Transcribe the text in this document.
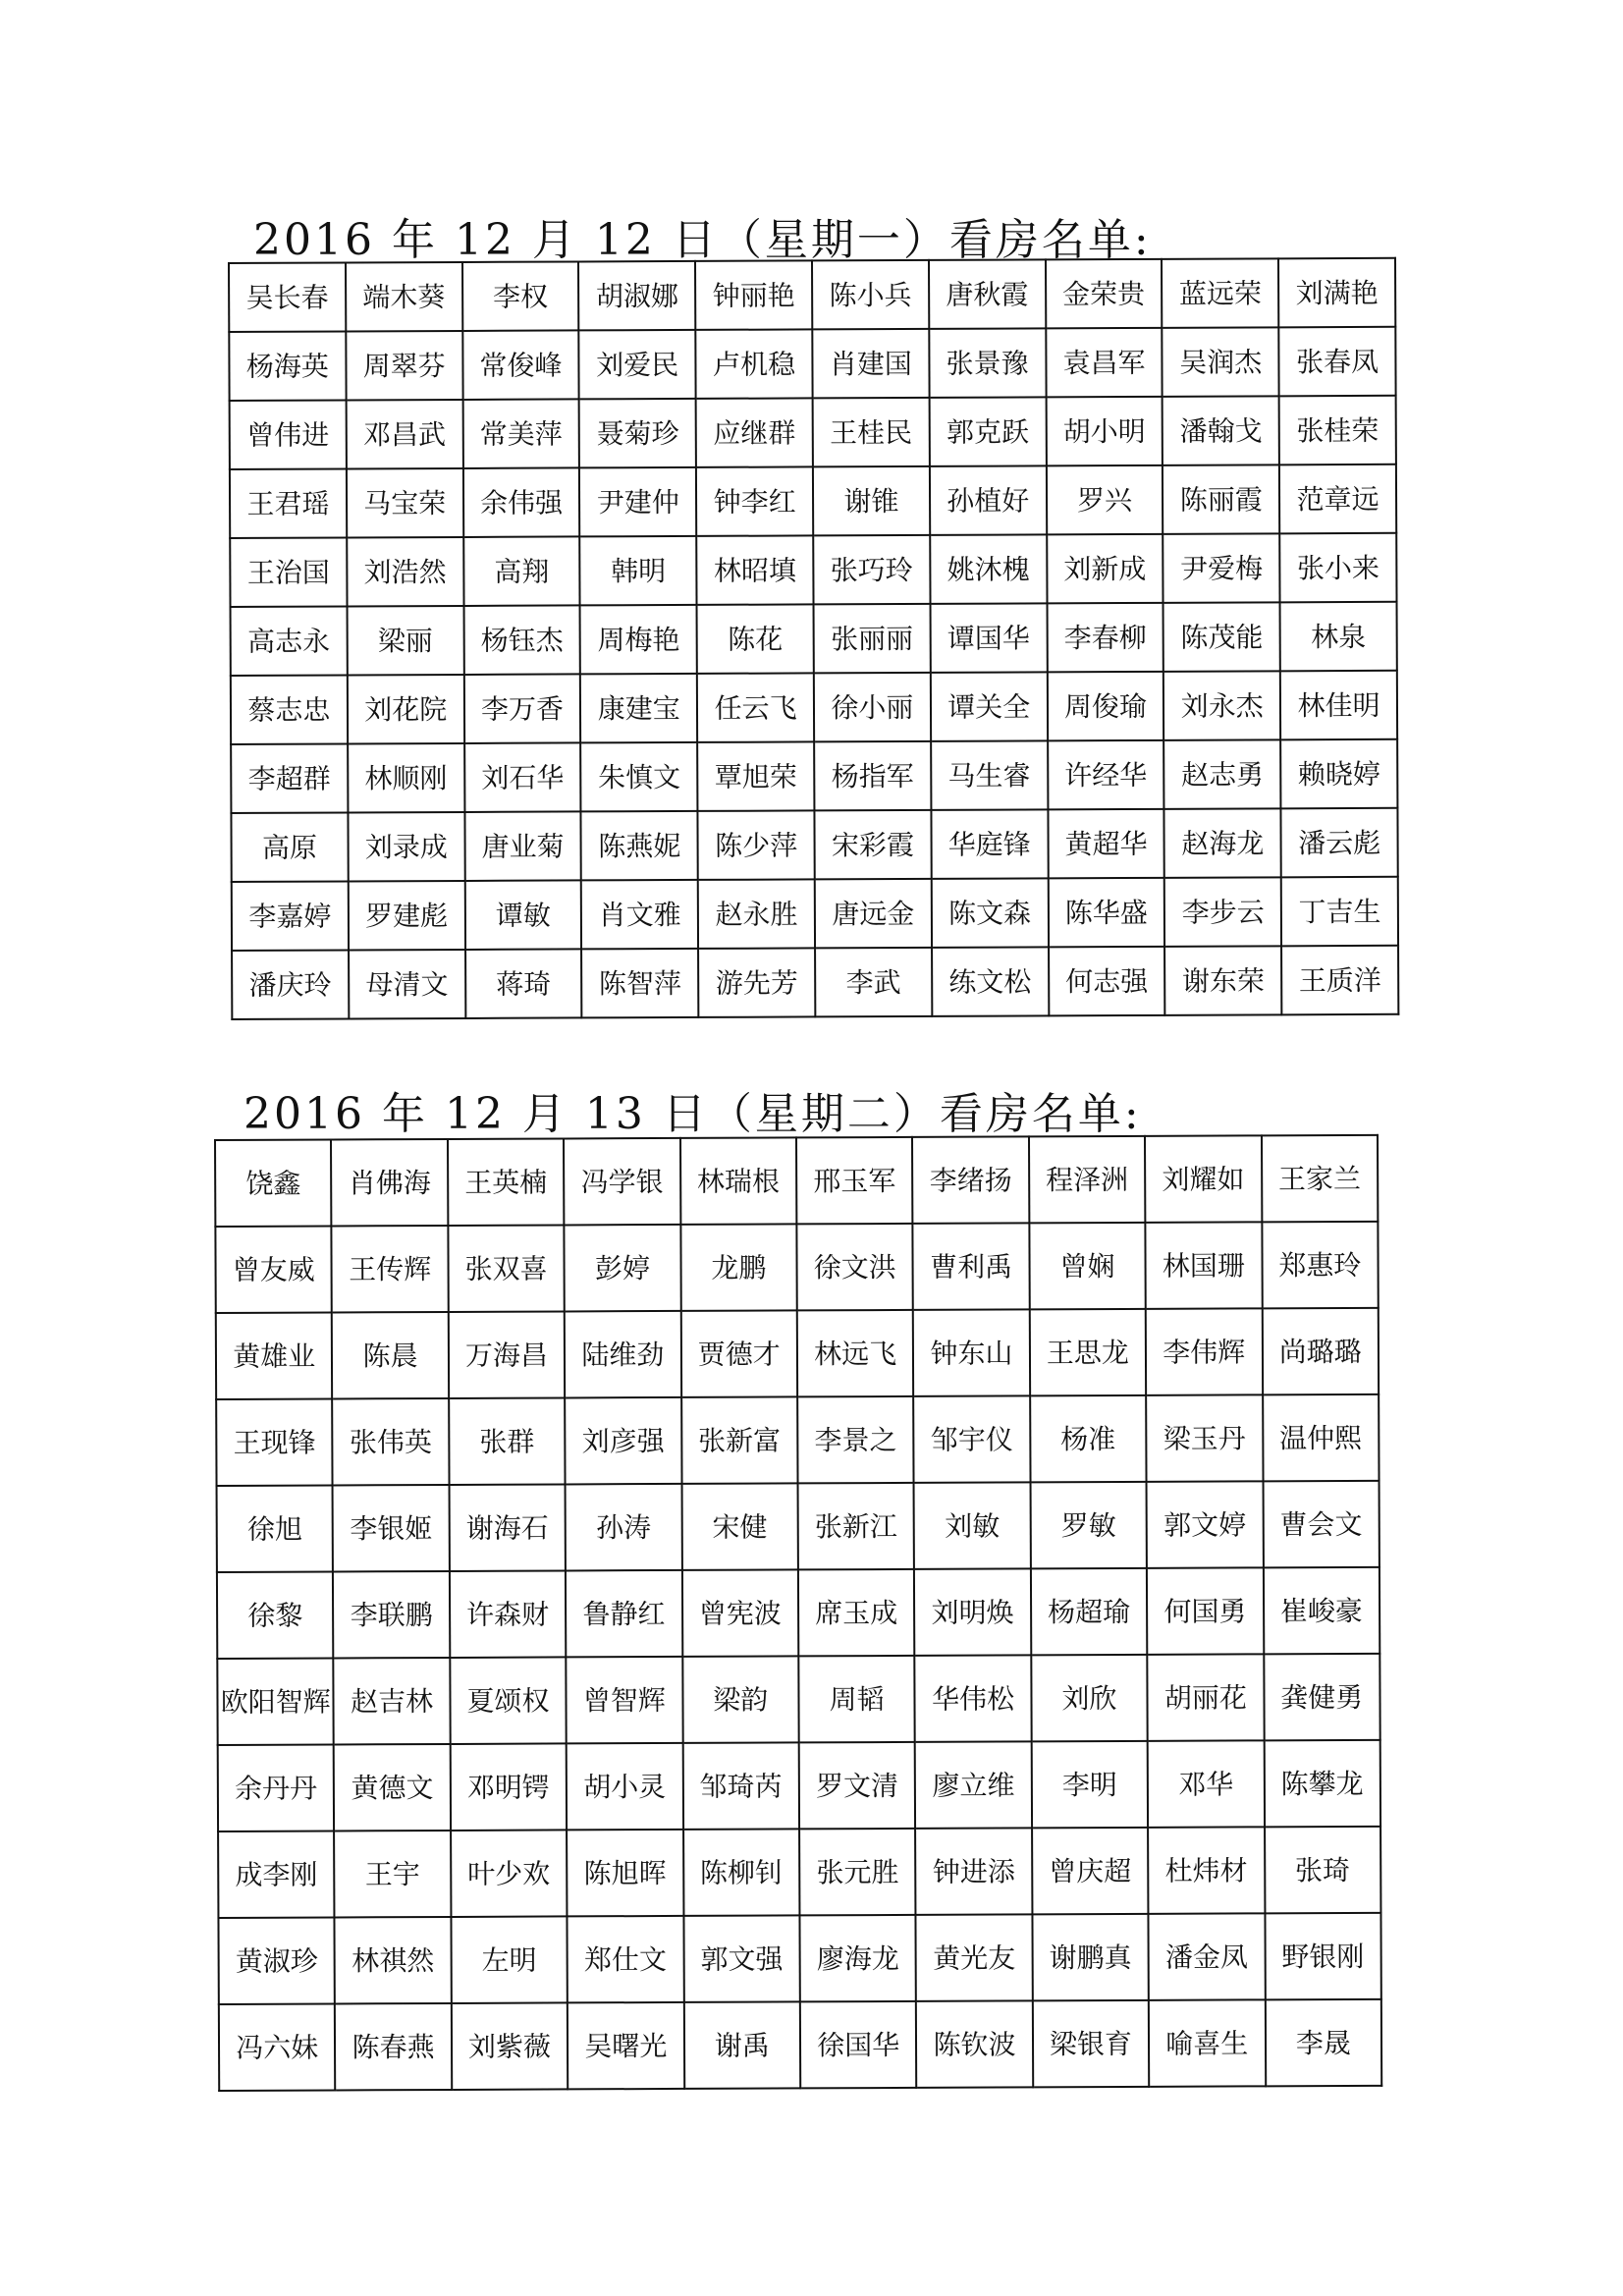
2016 年 12 月 12 日（星期一）看房名单:
吴长春	端木葵	李权	胡淑娜	钟丽艳	陈小兵	唐秋霞	金荣贵	蓝远荣	刘满艳
杨海英	周翠芬	常俊峰	刘爱民	卢机稳	肖建国	张景豫	袁昌军	吴润杰	张春凤
曾伟进	邓昌武	常美萍	聂菊珍	应继群	王桂民	郭克跃	胡小明	潘翰戈	张桂荣
王君瑶	马宝荣	余伟强	尹建仲	钟李红	谢锥	孙植好	罗兴	陈丽霞	范章远
王治国	刘浩然	高翔	韩明	林昭填	张巧玲	姚沐槐	刘新成	尹爱梅	张小来
高志永	梁丽	杨钰杰	周梅艳	陈花	张丽丽	谭国华	李春柳	陈茂能	林泉
蔡志忠	刘花院	李万香	康建宝	任云飞	徐小丽	谭关全	周俊瑜	刘永杰	林佳明
李超群	林顺刚	刘石华	朱慎文	覃旭荣	杨指军	马生睿	许经华	赵志勇	赖晓婷
高原	刘录成	唐业菊	陈燕妮	陈少萍	宋彩霞	华庭锋	黄超华	赵海龙	潘云彪
李嘉婷	罗建彪	谭敏	肖文雅	赵永胜	唐远金	陈文森	陈华盛	李步云	丁吉生
潘庆玲	母清文	蒋琦	陈智萍	游先芳	李武	练文松	何志强	谢东荣	王质洋
2016 年 12 月 13 日（星期二）看房名单:
饶鑫	肖佛海	王英楠	冯学银	林瑞根	邢玉军	李绪扬	程泽洲	刘耀如	王家兰
曾友威	王传辉	张双喜	彭婷	龙鹏	徐文洪	曹利禹	曾娴	林国珊	郑惠玲
黄雄业	陈晨	万海昌	陆维劲	贾德才	林远飞	钟东山	王思龙	李伟辉	尚璐璐
王现锋	张伟英	张群	刘彦强	张新富	李景之	邹宇仪	杨准	梁玉丹	温仲熙
徐旭	李银姬	谢海石	孙涛	宋健	张新江	刘敏	罗敏	郭文婷	曹会文
徐黎	李联鹏	许森财	鲁静红	曾宪波	席玉成	刘明焕	杨超瑜	何国勇	崔峻豪
欧阳智辉	赵吉林	夏颂权	曾智辉	梁韵	周韬	华伟松	刘欣	胡丽花	龚健勇
余丹丹	黄德文	邓明锷	胡小灵	邹琦芮	罗文清	廖立维	李明	邓华	陈攀龙
成李刚	王宇	叶少欢	陈旭晖	陈柳钊	张元胜	钟进添	曾庆超	杜炜材	张琦
黄淑珍	林祺然	左明	郑仕文	郭文强	廖海龙	黄光友	谢鹏真	潘金凤	野银刚
冯六妹	陈春燕	刘紫薇	吴曙光	谢禹	徐国华	陈钦波	梁银育	喻喜生	李晟
